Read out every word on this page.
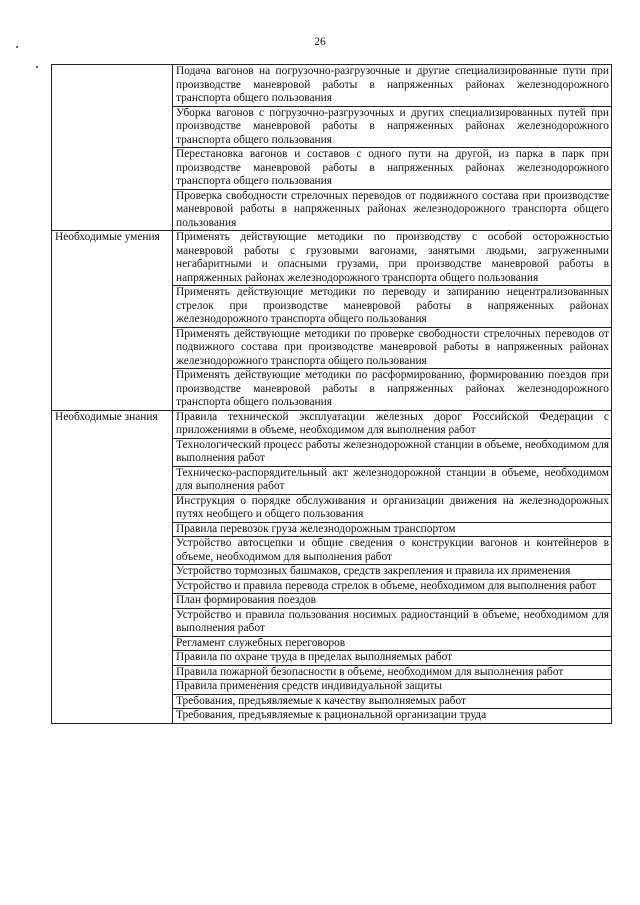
26
	Подача вагонов на погрузочно-разгрузочные и другие специализированные пути при производстве маневровой работы в напряженных районах железнодорожного транспорта общего пользования
	Уборка вагонов с погрузочно-разгрузочных и других специализированных путей при производстве маневровой работы в напряженных районах железнодорожного транспорта общего пользования
	Перестановка вагонов и составов с одного пути на другой, из парка в парк при производстве маневровой работы в напряженных районах железнодорожного транспорта общего пользования
	Проверка свободности стрелочных переводов от подвижного состава при производстве маневровой работы в напряженных районах железнодорожного транспорта общего пользования
Необходимые умения	Применять действующие методики по производству с особой осторожностью маневровой работы с грузовыми вагонами, занятыми людьми, загруженными негабаритными и опасными грузами, при производстве маневровой работы в напряженных районах железнодорожного транспорта общего пользования
	Применять действующие методики по переводу и запиранию нецентрализованных стрелок при производстве маневровой работы в напряженных районах железнодорожного транспорта общего пользования
	Применять действующие методики по проверке свободности стрелочных переводов от подвижного состава при производстве маневровой работы в напряженных районах железнодорожного транспорта общего пользования
	Применять действующие методики по расформированию, формированию поездов при производстве маневровой работы в напряженных районах железнодорожного транспорта общего пользования
Необходимые знания	Правила технической эксплуатации железных дорог Российской Федерации с приложениями в объеме, необходимом для выполнения работ
	Технологический процесс работы железнодорожной станции в объеме, необходимом для выполнения работ
	Техническо-распорядительный акт железнодорожной станции в объеме, необходимом для выполнения работ
	Инструкция о порядке обслуживания и организации движения на железнодорожных путях необщего и общего пользования
	Правила перевозок груза железнодорожным транспортом
	Устройство автосцепки и общие сведения о конструкции вагонов и контейнеров в объеме, необходимом для выполнения работ
	Устройство тормозных башмаков, средств закрепления и правила их применения
	Устройство и правила перевода стрелок в объеме, необходимом для выполнения работ
	План формирования поездов
	Устройство и правила пользования носимых радиостанций в объеме, необходимом для выполнения работ
	Регламент служебных переговоров
	Правила по охране труда в пределах выполняемых работ
	Правила пожарной безопасности в объеме, необходимом для выполнения работ
	Правила применения средств индивидуальной защиты
	Требования, предъявляемые к качеству выполняемых работ
	Требования, предъявляемые к рациональной организации труда
